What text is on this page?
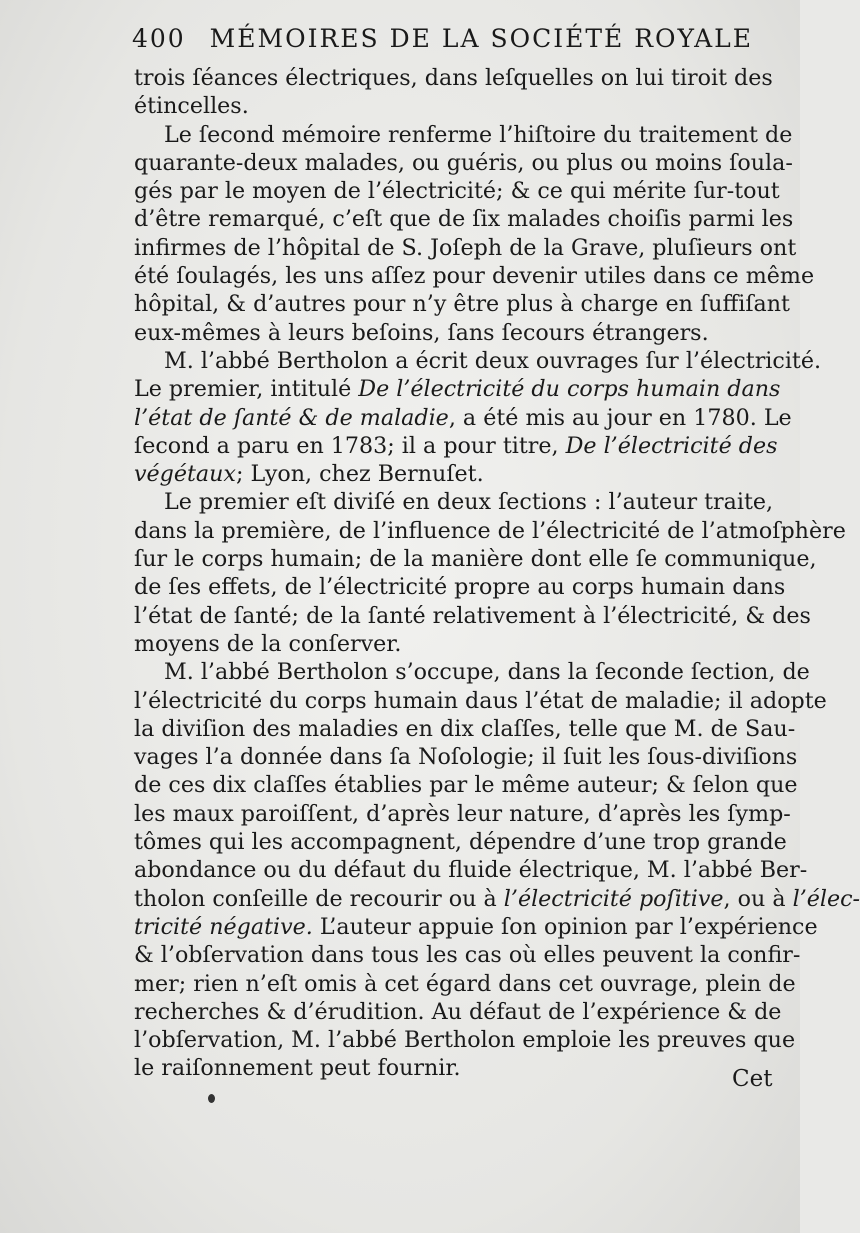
400 MÉMOIRES DE LA SOCIÉTÉ ROYALE
trois ſéances électriques, dans leſquelles on lui tiroit des
étincelles.
Le ſecond mémoire renferme l’hiſtoire du traitement de
quarante-deux malades, ou guéris, ou plus ou moins ſoula-
gés par le moyen de l’électricité; & ce qui mérite ſur-tout
d’être remarqué, c’eſt que de ſix malades choiſis parmi les
infirmes de l’hôpital de S. Joſeph de la Grave, pluſieurs ont
été ſoulagés, les uns aſſez pour devenir utiles dans ce même
hôpital, & d’autres pour n’y être plus à charge en ſuffiſant
eux-mêmes à leurs beſoins, ſans ſecours étrangers.
M. l’abbé Bertholon a écrit deux ouvrages ſur l’électricité.
Le premier, intitulé De l’électricité du corps humain dans
l’état de ſanté & de maladie, a été mis au jour en 1780. Le
ſecond a paru en 1783; il a pour titre, De l’électricité des
végétaux; Lyon, chez Bernuſet.
Le premier eſt diviſé en deux ſections : l’auteur traite,
dans la première, de l’influence de l’électricité de l’atmoſphère
ſur le corps humain; de la manière dont elle ſe communique,
de ſes effets, de l’électricité propre au corps humain dans
l’état de ſanté; de la ſanté relativement à l’électricité, & des
moyens de la conſerver.
M. l’abbé Bertholon s’occupe, dans la ſeconde ſection, de
l’électricité du corps humain daus l’état de maladie; il adopte
la diviſion des maladies en dix claſſes, telle que M. de Sau-
vages l’a donnée dans ſa Noſologie; il ſuit les ſous-diviſions
de ces dix claſſes établies par le même auteur; & ſelon que
les maux paroiſſent, d’après leur nature, d’après les ſymp-
tômes qui les accompagnent, dépendre d’une trop grande
abondance ou du défaut du fluide électrique, M. l’abbé Ber-
tholon conſeille de recourir ou à l’électricité poſitive, ou à l’élec-
tricité négative. L’auteur appuie ſon opinion par l’expérience
& l’obſervation dans tous les cas où elles peuvent la confir-
mer; rien n’eſt omis à cet égard dans cet ouvrage, plein de
recherches & d’érudition. Au défaut de l’expérience & de
l’obſervation, M. l’abbé Bertholon emploie les preuves que
le raiſonnement peut fournir.	Cet
